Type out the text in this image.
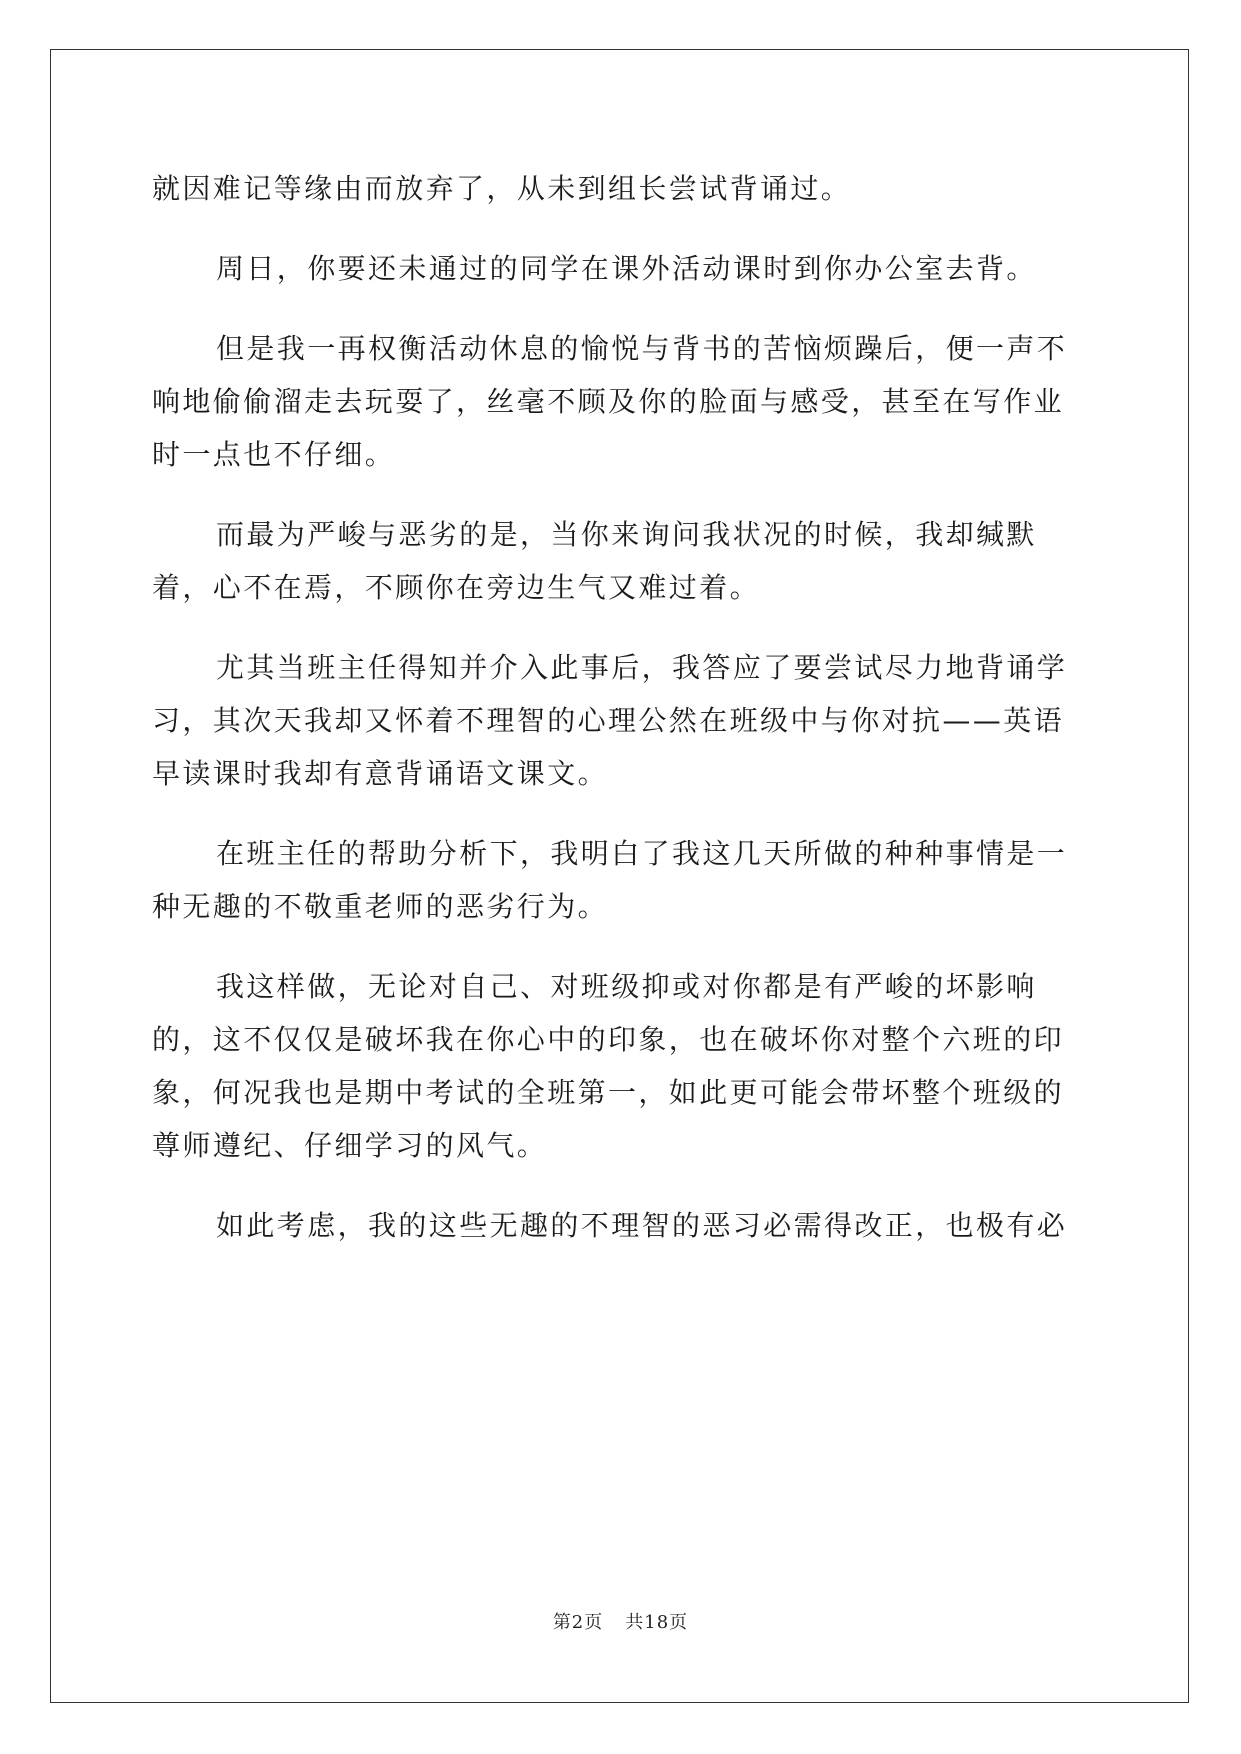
就因难记等缘由而放弃了，从未到组长尝试背诵过。

周日，你要还未通过的同学在课外活动课时到你办公室去背。

但是我一再权衡活动休息的愉悦与背书的苦恼烦躁后，便一声不响地偷偷溜走去玩耍了，丝毫不顾及你的脸面与感受，甚至在写作业时一点也不仔细。

而最为严峻与恶劣的是，当你来询问我状况的时候，我却缄默着，心不在焉，不顾你在旁边生气又难过着。

尤其当班主任得知并介入此事后，我答应了要尝试尽力地背诵学习，其次天我却又怀着不理智的心理公然在班级中与你对抗——英语早读课时我却有意背诵语文课文。

在班主任的帮助分析下，我明白了我这几天所做的种种事情是一种无趣的不敬重老师的恶劣行为。

我这样做，无论对自己、对班级抑或对你都是有严峻的坏影响的，这不仅仅是破坏我在你心中的印象，也在破坏你对整个六班的印象，何况我也是期中考试的全班第一，如此更可能会带坏整个班级的尊师遵纪、仔细学习的风气。

如此考虑，我的这些无趣的不理智的恶习必需得改正，也极有必

第2页 共18页
